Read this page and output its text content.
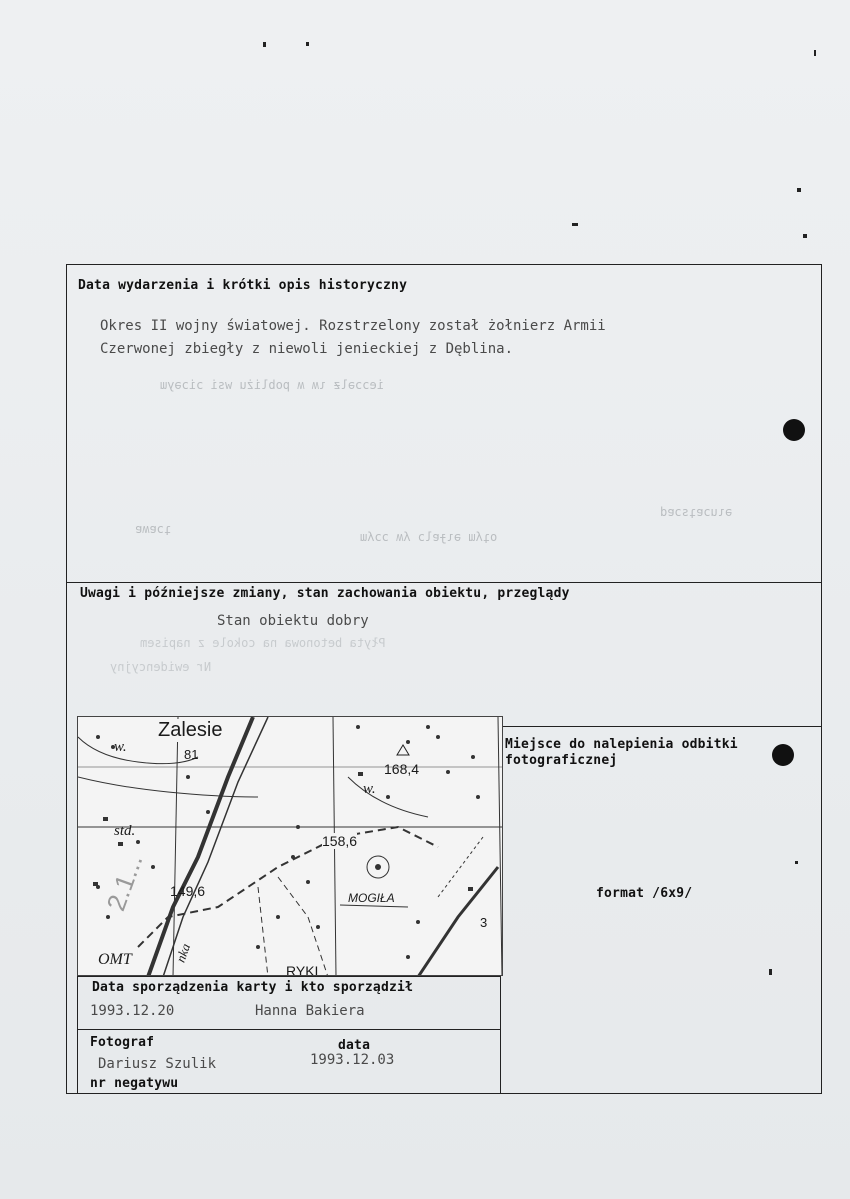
ieɔɔəlƶ ɩʍ ʍ pobliżu wsi ɔiɔəyɯ
ʇɔɐʍɐ
oʇʎɯ ǝɩɟɐlɔ ʎʍ ɔɔʎɯ
ǝɩuɔɐʇsɔɐd
Płyta betonowa na cokole z napisem
Nr ewidencyjny
Data wydarzenia i krótki opis historyczny
Okres II wojny światowej. Rozstrzelony został żołnierz Armii
Czerwonej zbiegły z niewoli jenieckiej z Dęblina.
Uwagi i późniejsze zmiany, stan zachowania obiektu, przeglądy
Stan obiektu dobry
Zalesie
w.	81
168,4
w.
std.
158,6
149,6	MOGIŁA
OMT
RYKI
3
nka
2.1...
Miejsce do nalepienia odbitki
fotograficznej
format /6x9/
Data sporządzenia karty i kto sporządził
1993.12.20	Hanna Bakiera
Fotograf	data
Dariusz Szulik	1993.12.03
nr negatywu
